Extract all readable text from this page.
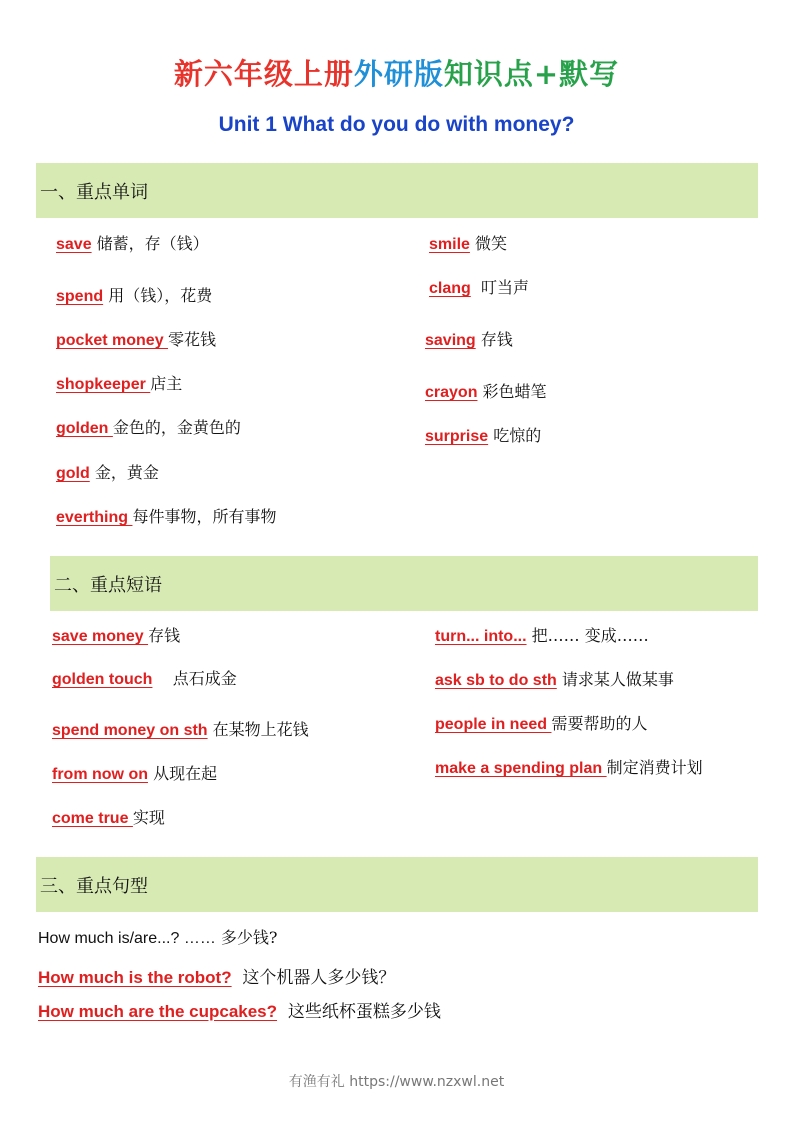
新六年级上册外研版知识点+默写
Unit 1 What do you do with money?
一、重点单词
save 储蓄，存（钱）
spend 用（钱），花费
pocket money 零花钱
shopkeeper 店主
golden 金色的，金黄色的
gold 金，黄金
everthing 每件事物，所有事物
smile 微笑
clang  叮当声
saving 存钱
crayon 彩色蜡笔
surprise 吃惊的
二、重点短语
save money 存钱
golden touch    点石成金
spend money on sth 在某物上花钱
from now on 从现在起
come true 实现
turn... into... 把…… 变成……
ask sb to do sth 请求某人做某事
people in need 需要帮助的人
make a spending plan 制定消费计划
三、重点句型
How much is/are...? …… 多少钱?
How much is the robot?  这个机器人多少钱？
How much are the cupcakes?  这些纸杯蛋糕多少钱
有渔有礼 https://www.nzxwl.net
